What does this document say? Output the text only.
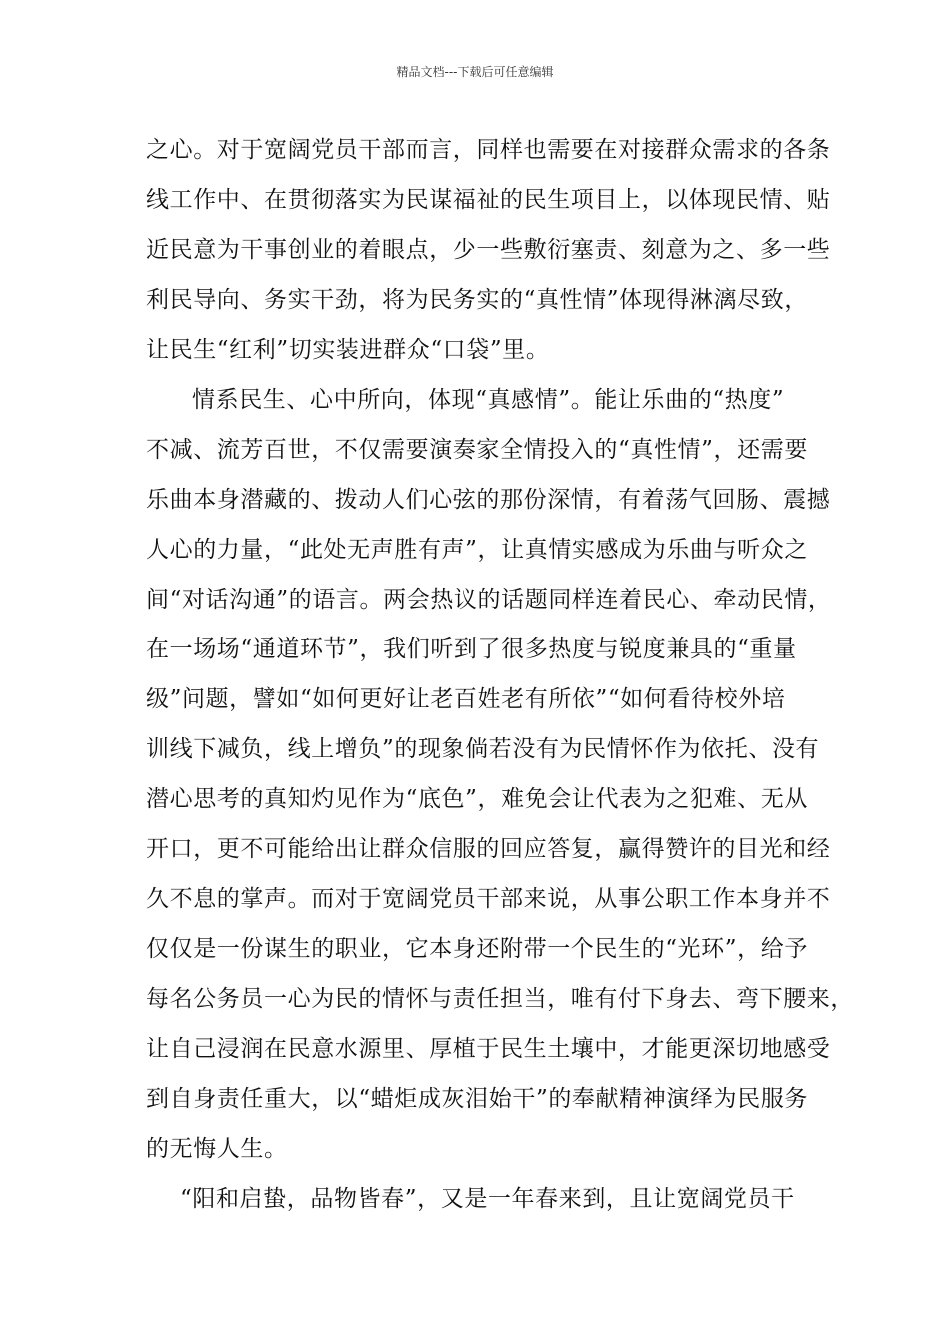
精品文档---下载后可任意编辑
之心。对于宽阔党员干部而言，同样也需要在对接群众需求的各条
线工作中、在贯彻落实为民谋福祉的民生项目上，以体现民情、贴
近民意为干事创业的着眼点，少一些敷衍塞责、刻意为之、多一些
利民导向、务实干劲，将为民务实的“真性情”体现得淋漓尽致，
让民生“红利”切实装进群众“口袋”里。
情系民生、心中所向，体现“真感情”。能让乐曲的“热度”
不减、流芳百世，不仅需要演奏家全情投入的“真性情”，还需要
乐曲本身潜藏的、拨动人们心弦的那份深情，有着荡气回肠、震撼
人心的力量，“此处无声胜有声”，让真情实感成为乐曲与听众之
间“对话沟通”的语言。两会热议的话题同样连着民心、牵动民情，
在一场场“通道环节”，我们听到了很多热度与锐度兼具的“重量
级”问题，譬如“如何更好让老百姓老有所依”“如何看待校外培
训线下减负，线上增负”的现象倘若没有为民情怀作为依托、没有
潜心思考的真知灼见作为“底色”，难免会让代表为之犯难、无从
开口，更不可能给出让群众信服的回应答复，赢得赞许的目光和经
久不息的掌声。而对于宽阔党员干部来说，从事公职工作本身并不
仅仅是一份谋生的职业，它本身还附带一个民生的“光环”，给予
每名公务员一心为民的情怀与责任担当，唯有付下身去、弯下腰来，
让自己浸润在民意水源里、厚植于民生土壤中，才能更深切地感受
到自身责任重大，以“蜡炬成灰泪始干”的奉献精神演绎为民服务
的无悔人生。
“阳和启蛰，品物皆春”，又是一年春来到，且让宽阔党员干
